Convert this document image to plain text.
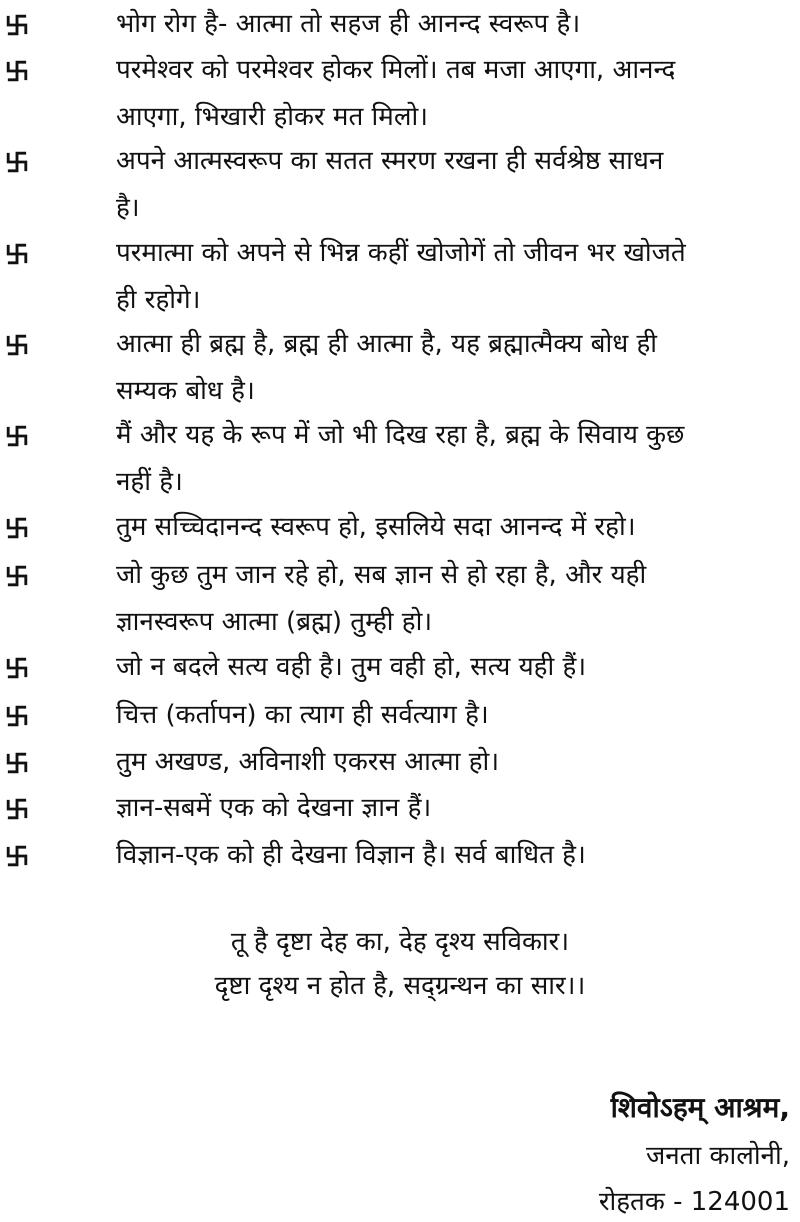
भोग रोग है- आत्मा तो सहज ही आनन्द स्वरूप है।
परमेश्वर को परमेश्वर होकर मिलों। तब मजा आएगा, आनन्द
आएगा, भिखारी होकर मत मिलो।
अपने आत्मस्वरूप का सतत स्मरण रखना ही सर्वश्रेष्ठ साधन
है।
परमात्मा को अपने से भिन्न कहीं खोजोगें तो जीवन भर खोजते
ही रहोगे।
आत्मा ही ब्रह्म है, ब्रह्म ही आत्मा है, यह ब्रह्मात्मैक्य बोध ही
सम्यक बोध है।
मैं और यह के रूप में जो भी दिख रहा है, ब्रह्म के सिवाय कुछ
नहीं है।
तुम सच्चिदानन्द स्वरूप हो, इसलिये सदा आनन्द में रहो।
जो कुछ तुम जान रहे हो, सब ज्ञान से हो रहा है, और यही
ज्ञानस्वरूप आत्मा (ब्रह्म) तुम्ही हो।
जो न बदले सत्य वही है। तुम वही हो, सत्य यही हैं।
चित्त (कर्तापन) का त्याग ही सर्वत्याग है।
तुम अखण्ड, अविनाशी एकरस आत्मा हो।
ज्ञान-सबमें एक को देखना ज्ञान हैं।
विज्ञान-एक को ही देखना विज्ञान है। सर्व बाधित है।
तू है दृष्टा देह का, देह दृश्य सविकार।
दृष्टा दृश्य न होत है, सद्ग्रन्थन का सार।।
शिवोऽहम् आश्रम,
जनता कालोनी,
रोहतक - 124001
